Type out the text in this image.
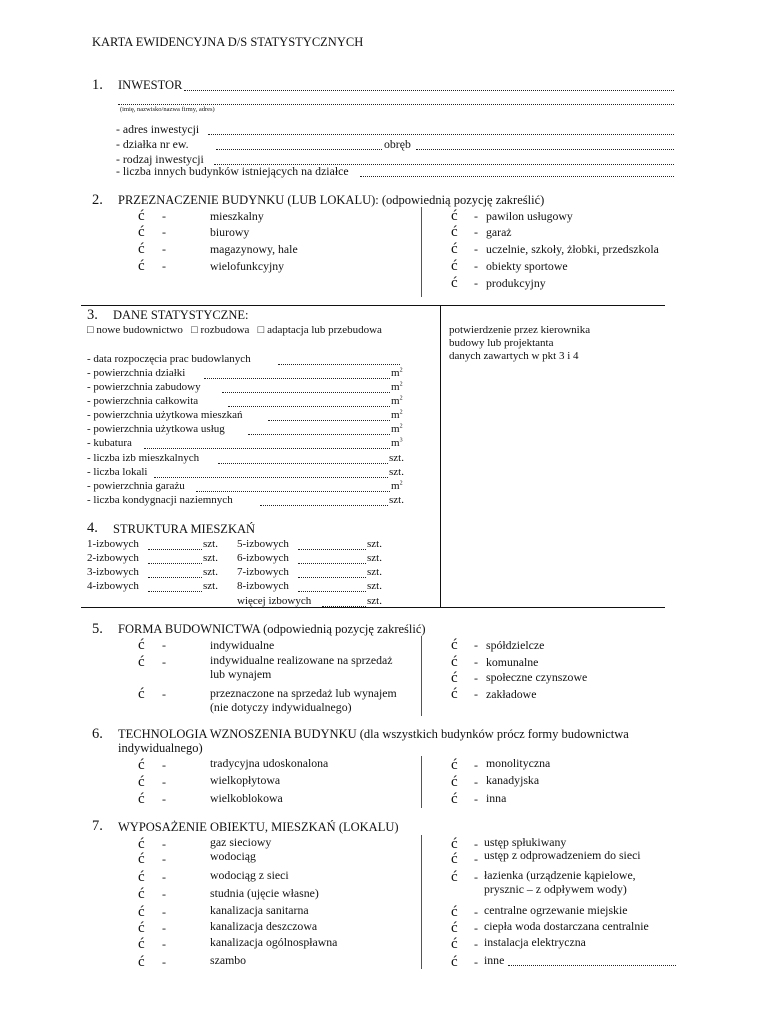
KARTA EWIDENCYJNA D/S STATYSTYCZNYCH
1. INWESTOR
(imię, nazwisko/nazwa firmy, adres)
- adres inwestycji
- działka nr ew.	obręb
- rodzaj inwestycji
- liczba innych budynków istniejących na działce
2. PRZEZNACZENIE BUDYNKU (LUB LOKALU): (odpowiednią pozycję zakreślić)
ć -	mieszkalny
ć -	biurowy
ć -	magazynowy, hale
ć -	wielofunkcyjny
ć - pawilon usługowy
ć - garaż
ć - uczelnie, szkoły, żłobki, przedszkola
ć - obiekty sportowe
ć - produkcyjny
3. DANE STATYSTYCZNE:
□ nowe budownictwo □ rozbudowa □ adaptacja lub przebudowa	potwierdzenie przez kierownika
budowy lub projektanta
danych zawartych w pkt 3 i 4
- data rozpoczęcia prac budowlanych
- powierzchnia działki	$m^2$
- powierzchnia zabudowy	$m^2$
- powierzchnia całkowita	$m^2$
- powierzchnia użytkowa mieszkań	$m^2$
- powierzchnia użytkowa usług	$m^2$
- kubatura	$m^3$
- liczba izb mieszkalnych	szt.
- liczba lokali	szt.
- powierzchnia garażu	$m^2$
- liczba kondygnacji naziemnych	szt.
4. STRUKTURA MIESZKAŃ
1-izbowych	szt.
2-izbowych	szt.
3-izbowych	szt.
4-izbowych	szt.
5-izbowych	szt.
6-izbowych	szt.
7-izbowych	szt.
8-izbowych	szt.
więcej izbowych	szt.
5. FORMA BUDOWNICTWA (odpowiednią pozycję zakreślić)
ć -	indywidualne
ć -	indywidualne realizowane na sprzedaż
lub wynajem
ć -	przeznaczone na sprzedaż lub wynajem
(nie dotyczy indywidualnego)
ć - spółdzielcze
ć - komunalne
ć - społeczne czynszowe
ć - zakładowe
6. TECHNOLOGIA WZNOSZENIA BUDYNKU (dla wszystkich budynków prócz formy budownictwa
indywidualnego)
ć -	tradycyjna udoskonalona
ć -	wielkopłytowa
ć -	wielkoblokowa
ć - monolityczna
ć - kanadyjska
ć - inna
7. WYPOSAŻENIE OBIEKTU, MIESZKAŃ (LOKALU)
ć -	gaz sieciowy
ć -	wodociąg
ć -	wodociąg z sieci
ć -	studnia (ujęcie własne)
ć -	kanalizacja sanitarna
ć -	kanalizacja deszczowa
ć -	kanalizacja ogólnospławna
ć -	szambo
ć - ustęp spłukiwany
ć - ustęp z odprowadzeniem do sieci
ć - łazienka (urządzenie kąpielowe,
prysznic – z odpływem wody)
ć - centralne ogrzewanie miejskie
ć - ciepła woda dostarczana centralnie
ć - instalacja elektryczna
ć - inne
